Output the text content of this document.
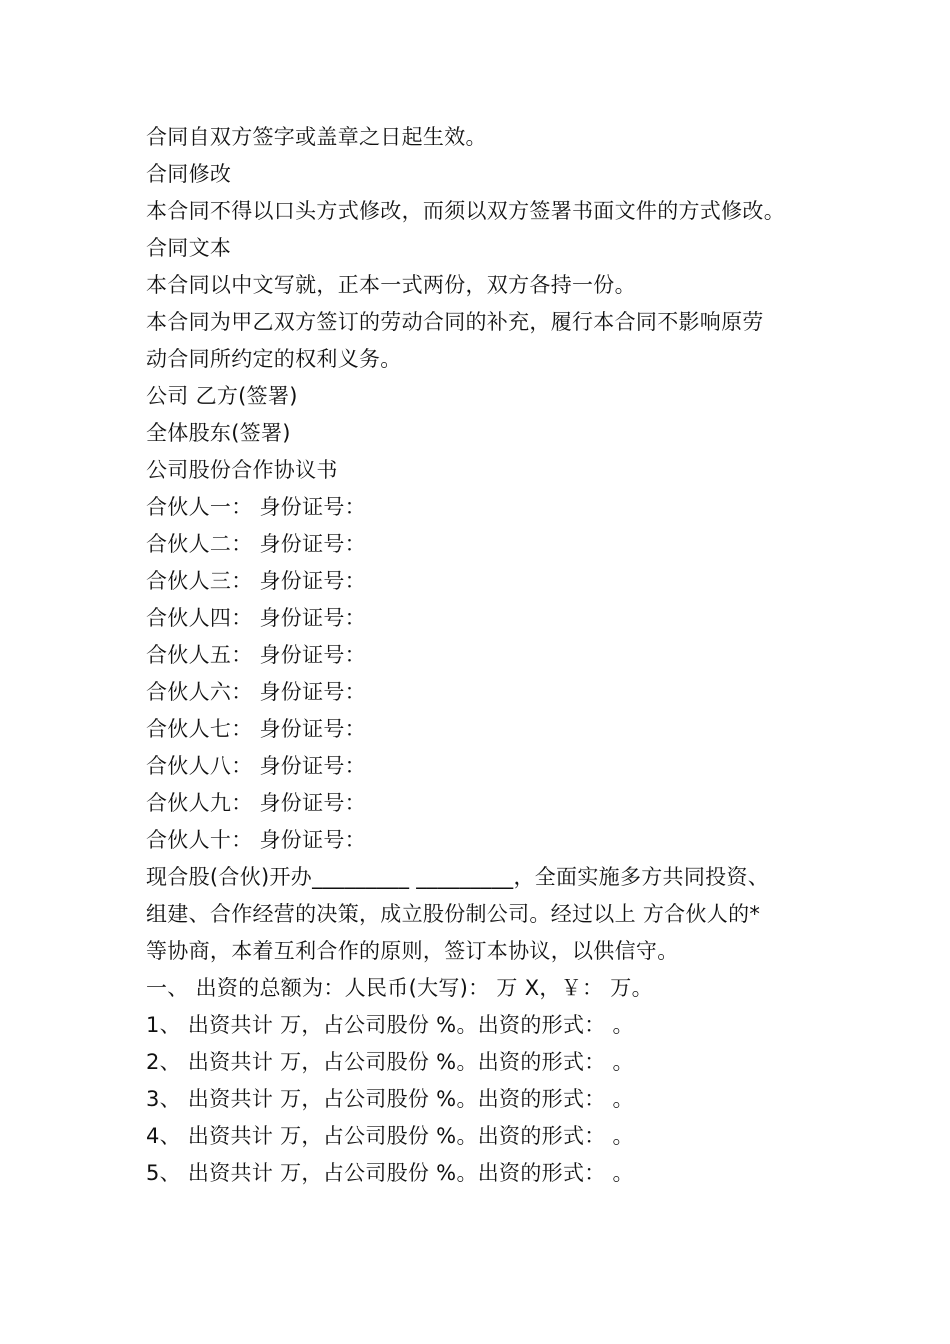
合同自双方签字或盖章之日起生效。
合同修改
本合同不得以口头方式修改，而须以双方签署书面文件的方式修改。
合同文本
本合同以中文写就，正本一式两份，双方各持一份。
本合同为甲乙双方签订的劳动合同的补充，履行本合同不影响原劳
动合同所约定的权利义务。
公司 乙方(签署)
全体股东(签署)
公司股份合作协议书
合伙人一： 身份证号：
合伙人二： 身份证号：
合伙人三： 身份证号：
合伙人四： 身份证号：
合伙人五： 身份证号：
合伙人六： 身份证号：
合伙人七： 身份证号：
合伙人八： 身份证号：
合伙人九： 身份证号：
合伙人十： 身份证号：
现合股(合伙)开办_________ _________，全面实施多方共同投资、
组建、合作经营的决策，成立股份制公司。经过以上 方合伙人的*
等协商，本着互利合作的原则，签订本协议，以供信守。
一、 出资的总额为：人民币(大写)： 万 X，￥： 万。
1、 出资共计 万，占公司股份 %。出资的形式： 。
2、 出资共计 万，占公司股份 %。出资的形式： 。
3、 出资共计 万，占公司股份 %。出资的形式： 。
4、 出资共计 万，占公司股份 %。出资的形式： 。
5、 出资共计 万，占公司股份 %。出资的形式： 。
